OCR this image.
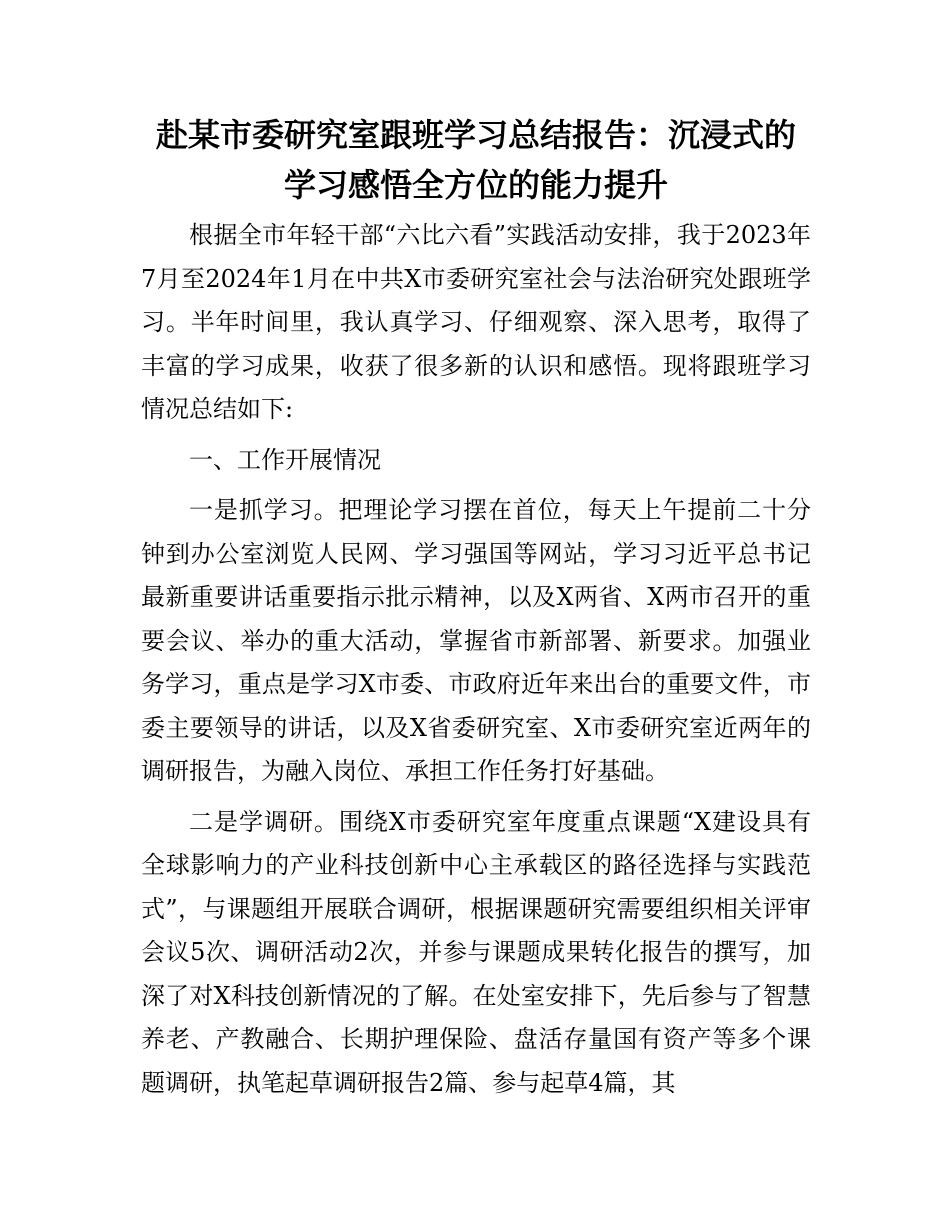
赴某市委研究室跟班学习总结报告：沉浸式的
学习感悟全方位的能力提升

根据全市年轻干部“六比六看”实践活动安排，我于2023年7月至2024年1月在中共X市委研究室社会与法治研究处跟班学习。半年时间里，我认真学习、仔细观察、深入思考，取得了丰富的学习成果，收获了很多新的认识和感悟。现将跟班学习情况总结如下:

一、工作开展情况

一是抓学习。把理论学习摆在首位，每天上午提前二十分钟到办公室浏览人民网、学习强国等网站，学习习近平总书记最新重要讲话重要指示批示精神，以及X两省、X两市召开的重要会议、举办的重大活动，掌握省市新部署、新要求。加强业务学习，重点是学习X市委、市政府近年来出台的重要文件，市委主要领导的讲话，以及X省委研究室、X市委研究室近两年的调研报告，为融入岗位、承担工作任务打好基础。

二是学调研。围绕X市委研究室年度重点课题“X建设具有全球影响力的产业科技创新中心主承载区的路径选择与实践范式”，与课题组开展联合调研，根据课题研究需要组织相关评审会议5次、调研活动2次，并参与课题成果转化报告的撰写，加深了对X科技创新情况的了解。在处室安排下，先后参与了智慧养老、产教融合、长期护理保险、盘活存量国有资产等多个课题调研，执笔起草调研报告2篇、参与起草4篇，其
